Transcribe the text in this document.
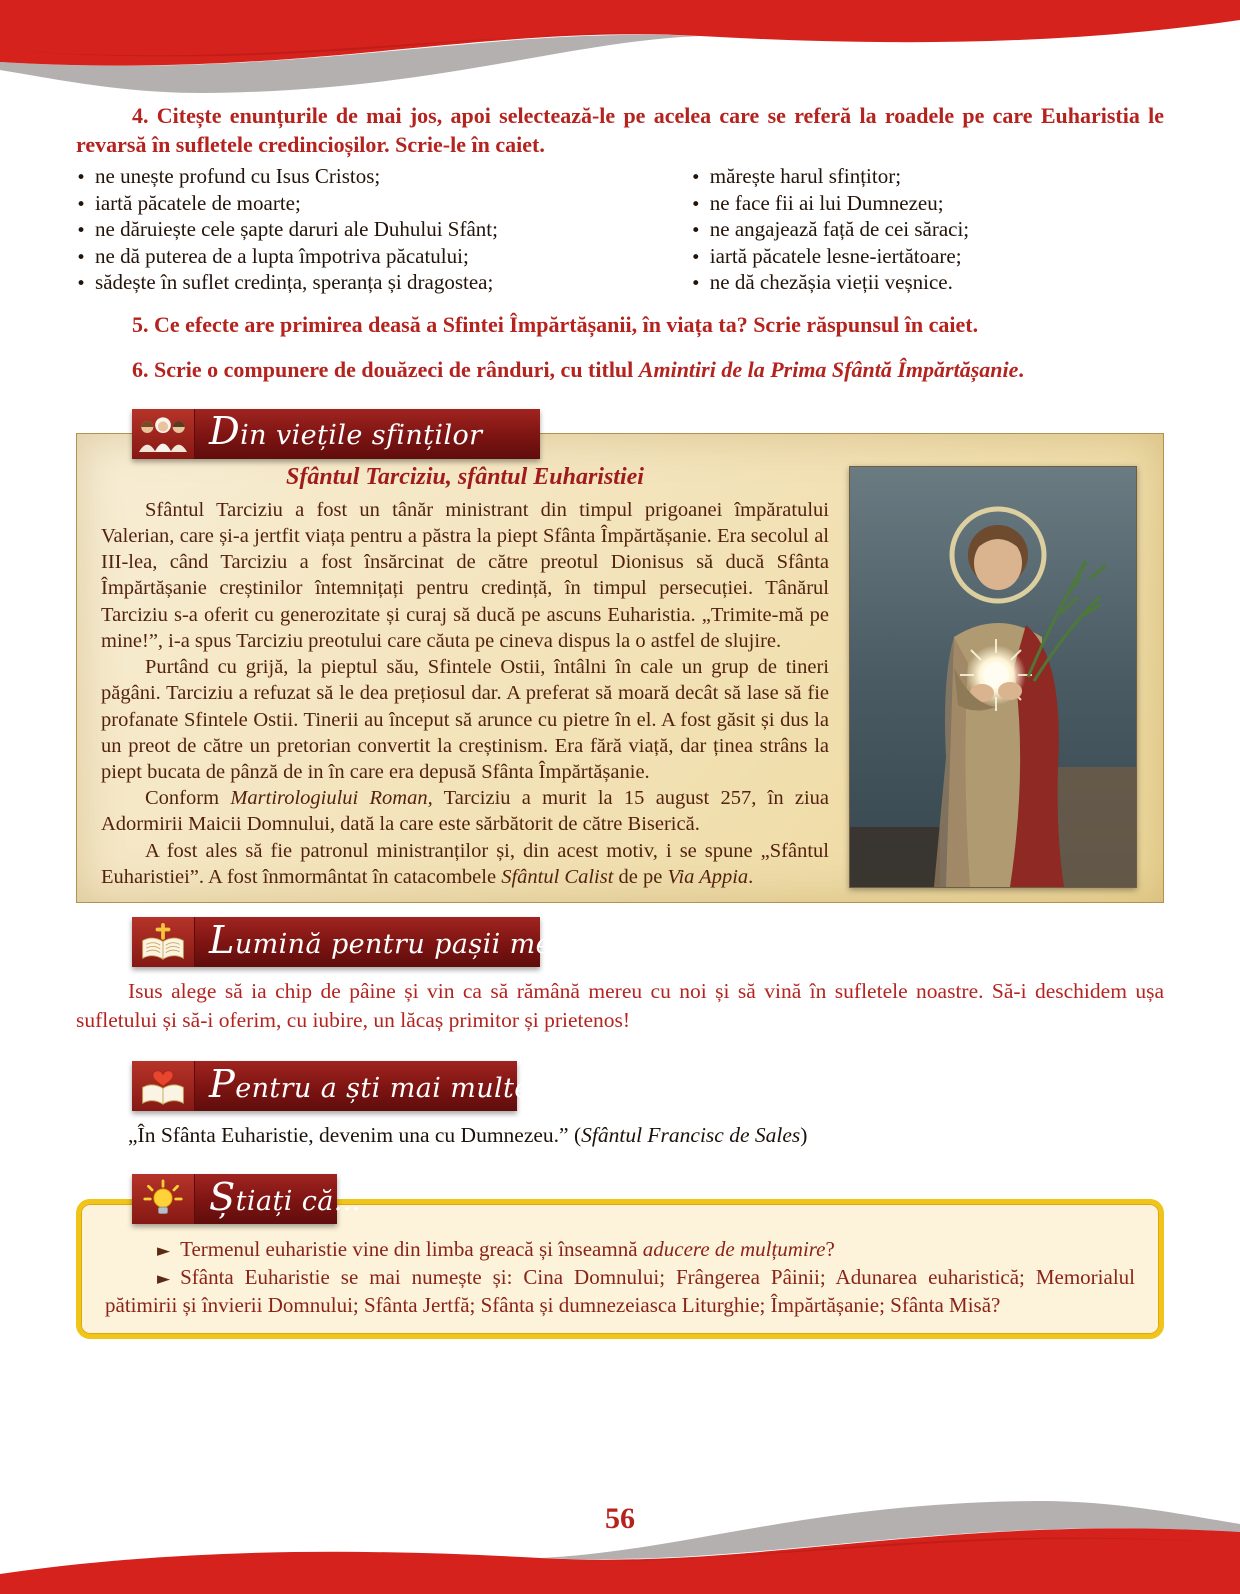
4. Citește enunțurile de mai jos, apoi selectează-le pe acelea care se referă la roadele pe care Euharistia le revarsă în sufletele credincioșilor. Scrie-le în caiet.

• ne unește profund cu Isus Cristos;
• iartă păcatele de moarte;
• ne dăruiește cele șapte daruri ale Duhului Sfânt;
• ne dă puterea de a lupta împotriva păcatului;
• sădește în suflet credința, speranța și dragostea;
• mărește harul sfințitor;
• ne face fii ai lui Dumnezeu;
• ne angajează față de cei săraci;
• iartă păcatele lesne-iertătoare;
• ne dă chezășia vieții veșnice.

5. Ce efecte are primirea deasă a Sfintei Împărtășanii, în viața ta? Scrie răspunsul în caiet.

6. Scrie o compunere de douăzeci de rânduri, cu titlul Amintiri de la Prima Sfântă Împărtășanie.

Din viețile sfinților
Sfântul Tarciziu, sfântul Euharistiei

Sfântul Tarciziu a fost un tânăr ministrant din timpul prigoanei împăratului Valerian, care și-a jertfit viața pentru a păstra la piept Sfânta Împărtășanie. Era secolul al III-lea, când Tarciziu a fost însărcinat de către preotul Dionisus să ducă Sfânta Împărtășanie creștinilor întemnițați pentru credință, în timpul persecuției. Tânărul Tarciziu s-a oferit cu generozitate și curaj să ducă pe ascuns Euharistia. „Trimite-mă pe mine!”, i-a spus Tarciziu preotului care căuta pe cineva dispus la o astfel de slujire.

Purtând cu grijă, la pieptul său, Sfintele Ostii, întâlni în cale un grup de tineri păgâni. Tarciziu a refuzat să le dea prețiosul dar. A preferat să moară decât să lase să fie profanate Sfintele Ostii. Tinerii au început să arunce cu pietre în el. A fost găsit și dus la un preot de către un pretorian convertit la creștinism. Era fără viață, dar ținea strâns la piept bucata de pânză de in în care era depusă Sfânta Împărtășanie.

Conform Martirologiului Roman, Tarciziu a murit la 15 august 257, în ziua Adormirii Maicii Domnului, dată la care este sărbătorit de către Biserică.

A fost ales să fie patronul ministranților și, din acest motiv, i se spune „Sfântul Euharistiei”. A fost înmormântat în catacombele Sfântul Calist de pe Via Appia.

Lumină pentru pașii mei

Isus alege să ia chip de pâine și vin ca să rămână mereu cu noi și să vină în sufletele noastre. Să-i deschidem ușa sufletului și să-i oferim, cu iubire, un lăcaș primitor și prietenos!

Pentru a ști mai multe

„În Sfânta Euharistie, devenim una cu Dumnezeu.” (Sfântul Francisc de Sales)

Știați că...

► Termenul euharistie vine din limba greacă și înseamnă aducere de mulțumire?

► Sfânta Euharistie se mai numește și: Cina Domnului; Frângerea Pâinii; Adunarea euharistică; Memorialul pătimirii și învierii Domnului; Sfânta Jertfă; Sfânta și dumnezeiasca Liturghie; Împărtășanie; Sfânta Misă?

56
